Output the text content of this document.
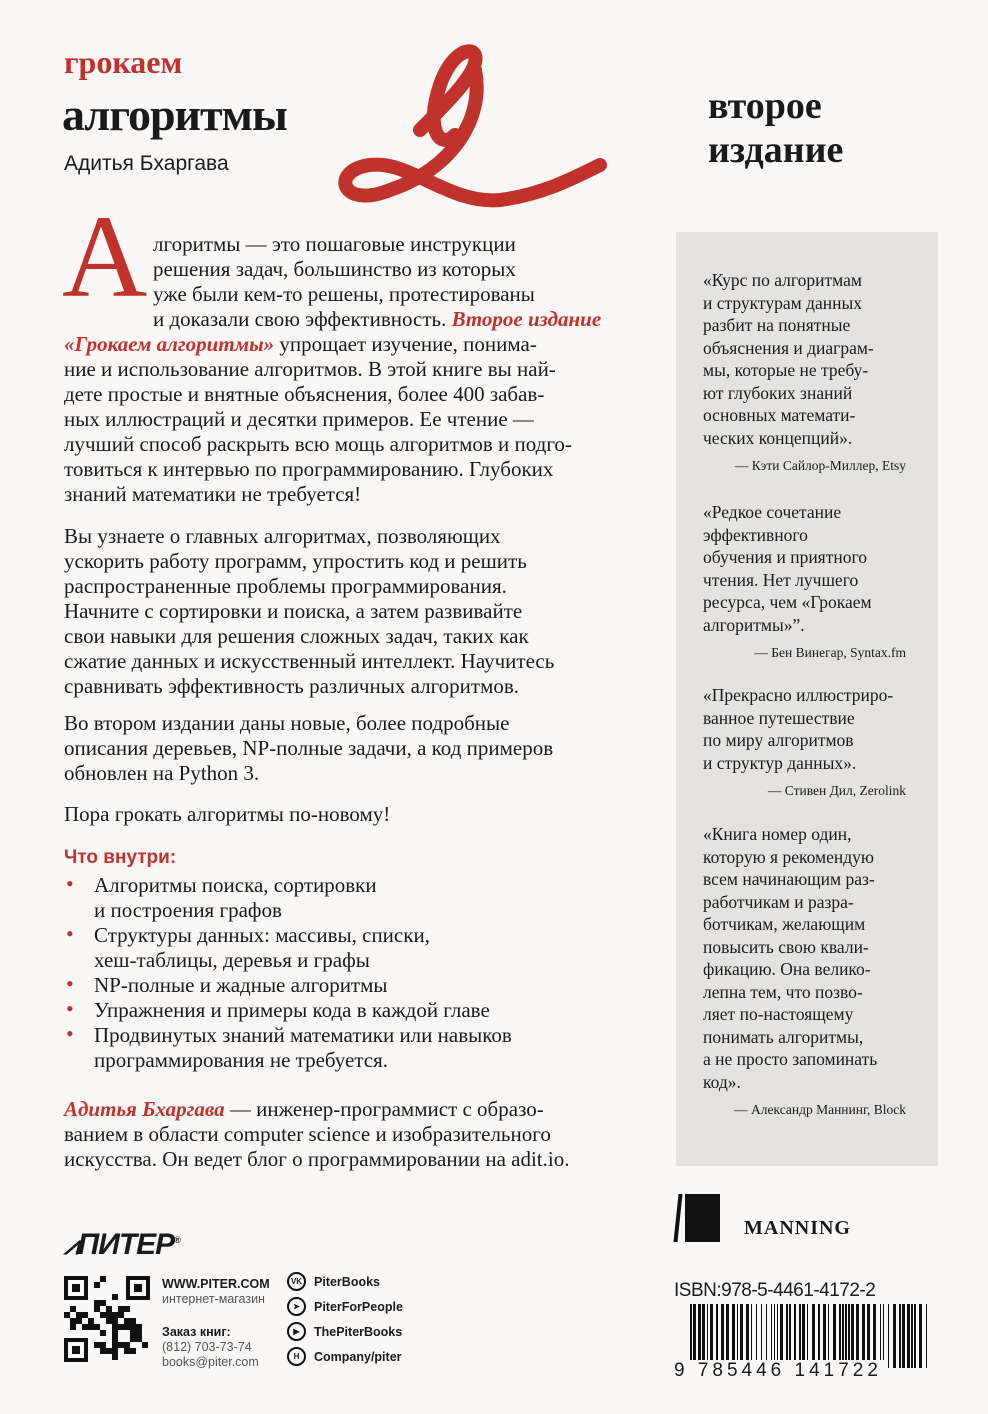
грокаем
алгоритмы
Адитья Бхаргава
второе
издание
А лгоритмы — это пошаговые инструкции
решения задач, большинство из которых
уже были кем-то решены, протестированы
и доказали свою эффективность. Второе издание
«Грокаем алгоритмы» упрощает изучение, понима-
ние и использование алгоритмов. В этой книге вы най-
дете простые и внятные объяснения, более 400 забав-
ных иллюстраций и десятки примеров. Ее чтение —
лучший способ раскрыть всю мощь алгоритмов и подго-
товиться к интервью по программированию. Глубоких
знаний математики не требуется!
Вы узнаете о главных алгоритмах, позволяющих
ускорить работу программ, упростить код и решить
распространенные проблемы программирования.
Начните с сортировки и поиска, а затем развивайте
свои навыки для решения сложных задач, таких как
сжатие данных и искусственный интеллект. Научитесь
сравнивать эффективность различных алгоритмов.
Во втором издании даны новые, более подробные
описания деревьев, NP-полные задачи, а код примеров
обновлен на Python 3.
Пора грокать алгоритмы по-новому!
Что внутри:
• Алгоритмы поиска, сортировки
и построения графов
• Структуры данных: массивы, списки,
хеш-таблицы, деревья и графы
• NP-полные и жадные алгоритмы
• Упражнения и примеры кода в каждой главе
• Продвинутых знаний математики или навыков
программирования не требуется.
Адитья Бхаргава — инженер-программист с образо-
ванием в области computer science и изобразительного
искусства. Он ведет блог о программировании на adit.io.
«Курс по алгоритмам
и структурам данных
разбит на понятные
объяснения и диаграм-
мы, которые не требу-
ют глубоких знаний
основных математи-
ческих концепций».
— Кэти Сайлор-Миллер, Etsy
«Редкое сочетание
эффективного
обучения и приятного
чтения. Нет лучшего
ресурса, чем «Грокаем
алгоритмы»”.
— Бен Винегар, Syntax.fm
«Прекрасно иллюстриро-
ванное путешествие
по миру алгоритмов
и структур данных».
— Стивен Дил, Zerolink
«Книга номер один,
которую я рекомендую
всем начинающим раз-
работчикам и разра-
ботчикам, желающим
повысить свою квали-
фикацию. Она велико-
лепна тем, что позво-
ляет по-настоящему
понимать алгоритмы,
а не просто запоминать
код».
— Александр Маннинг, Block
⩘ПИТЕР®
WWW.PITER.COM
интернет-магазин
Заказ книг:
(812) 703-73-74
books@piter.com
VK PiterBooks
➤	PiterForPeople
▶	ThePiterBooks
H	Company/piter
MANNING
ISBN:978-5-4461-4172-2
9 785446 141722
